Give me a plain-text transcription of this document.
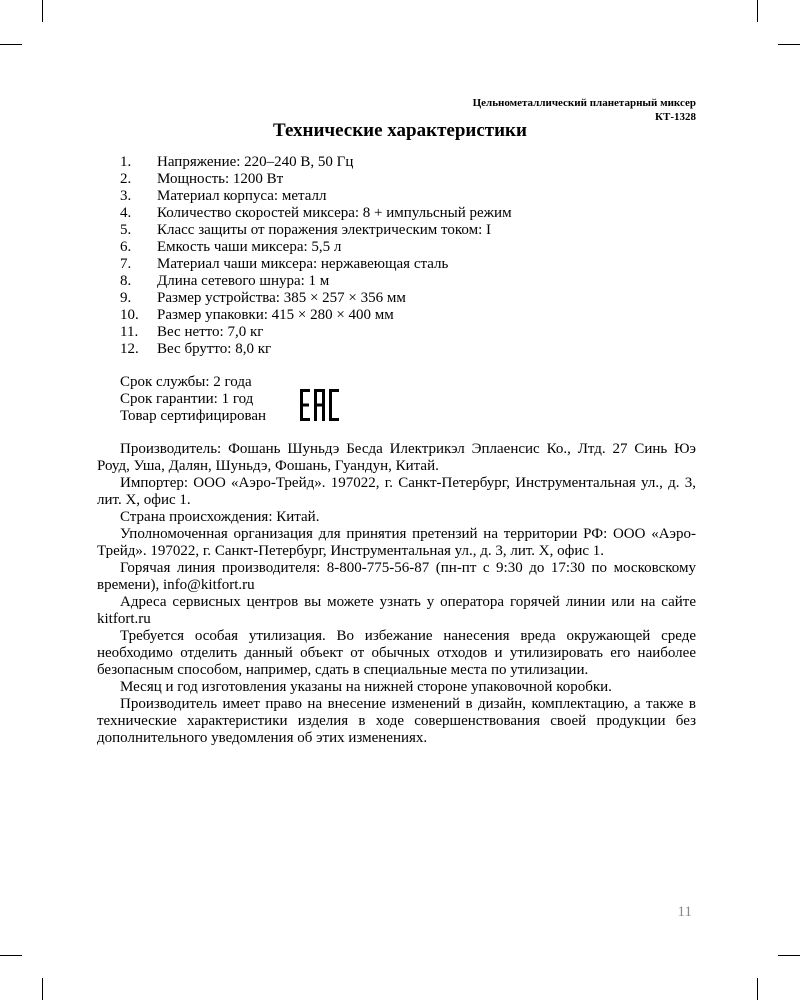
Цельнометаллический планетарный миксер
КТ-1328
Технические характеристики
1.	Напряжение: 220–240 В, 50 Гц
2.	Мощность: 1200 Вт
3.	Материал корпуса: металл
4.	Количество скоростей миксера: 8 + импульсный режим
5.	Класс защиты от поражения электрическим током: I
6.	Емкость чаши миксера: 5,5 л
7.	Материал чаши миксера: нержавеющая сталь
8.	Длина сетевого шнура: 1 м
9.	Размер устройства: 385 × 257 × 356 мм
10.	Размер упаковки: 415 × 280 × 400 мм
11.	Вес нетто: 7,0 кг
12.	Вес брутто: 8,0 кг
Срок службы: 2 года
Срок гарантии: 1 год
Товар сертифицирован

Производитель: Фошань Шуньдэ Бесда Илектрикэл Эплаенсис Ко., Лтд. 27 Синь Юэ Роуд, Уша, Далян, Шуньдэ, Фошань, Гуандун, Китай.

Импортер: ООО «Аэро-Трейд». 197022, г. Санкт-Петербург, Инструментальная ул., д. 3, лит. Х, офис 1.

Страна происхождения: Китай.

Уполномоченная организация для принятия претензий на территории РФ: ООО «Аэро-Трейд». 197022, г. Санкт-Петербург, Инструментальная ул., д. 3, лит. Х, офис 1.

Горячая линия производителя: 8-800-775-56-87 (пн-пт с 9:30 до 17:30 по московскому времени), info@kitfort.ru

Адреса сервисных центров вы можете узнать у оператора горячей линии или на сайте kitfort.ru

Требуется особая утилизация. Во избежание нанесения вреда окружающей среде необходимо отделить данный объект от обычных отходов и утилизировать его наиболее безопасным способом, например, сдать в специальные места по утилизации.

Месяц и год изготовления указаны на нижней стороне упаковочной коробки.

Производитель имеет право на внесение изменений в дизайн, комплектацию, а также в технические характеристики изделия в ходе совершенствования своей продукции без дополнительного уведомления об этих изменениях.

11
